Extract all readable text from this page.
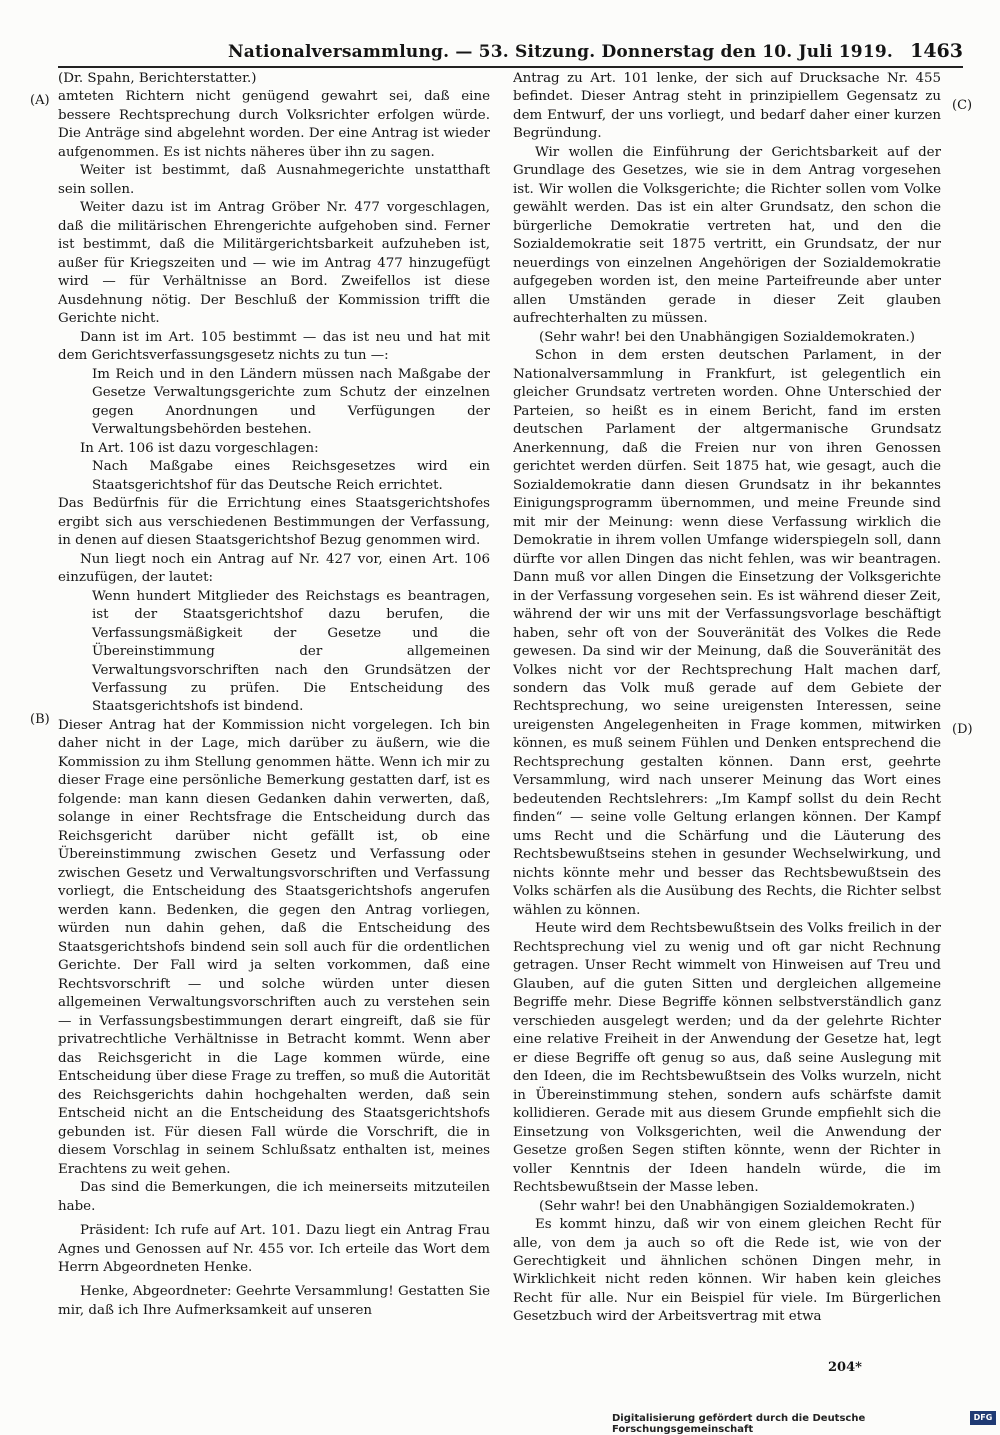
Nationalversammlung. — 53. Sitzung. Donnerstag den 10. Juli 1919. 1463
(A)
(B)
(C)
(D)

(Dr. Spahn, Berichterstatter.)

amteten Richtern nicht genügend gewahrt sei, daß eine bessere Rechtsprechung durch Volksrichter erfolgen würde. Die Anträge sind abgelehnt worden. Der eine Antrag ist wieder aufgenommen. Es ist nichts näheres über ihn zu sagen.

Weiter ist bestimmt, daß Ausnahmegerichte unstatthaft sein sollen.

Weiter dazu ist im Antrag Gröber Nr. 477 vorgeschlagen, daß die militärischen Ehrengerichte aufgehoben sind. Ferner ist bestimmt, daß die Militärgerichtsbarkeit aufzuheben ist, außer für Kriegszeiten und — wie im Antrag 477 hinzugefügt wird — für Verhältnisse an Bord. Zweifellos ist diese Ausdehnung nötig. Der Beschluß der Kommission trifft die Gerichte nicht.

Dann ist im Art. 105 bestimmt — das ist neu und hat mit dem Gerichtsverfassungsgesetz nichts zu tun —:

Im Reich und in den Ländern müssen nach Maßgabe der Gesetze Verwaltungsgerichte zum Schutz der einzelnen gegen Anordnungen und Verfügungen der Verwaltungsbehörden bestehen.

In Art. 106 ist dazu vorgeschlagen:

Nach Maßgabe eines Reichsgesetzes wird ein Staatsgerichtshof für das Deutsche Reich errichtet.

Das Bedürfnis für die Errichtung eines Staatsgerichtshofes ergibt sich aus verschiedenen Bestimmungen der Verfassung, in denen auf diesen Staatsgerichtshof Bezug genommen wird.

Nun liegt noch ein Antrag auf Nr. 427 vor, einen Art. 106 einzufügen, der lautet:

Wenn hundert Mitglieder des Reichstags es beantragen, ist der Staatsgerichtshof dazu berufen, die Verfassungsmäßigkeit der Gesetze und die Übereinstimmung der allgemeinen Verwaltungsvorschriften nach den Grundsätzen der Verfassung zu prüfen. Die Entscheidung des Staatsgerichtshofs ist bindend.

Dieser Antrag hat der Kommission nicht vorgelegen. Ich bin daher nicht in der Lage, mich darüber zu äußern, wie die Kommission zu ihm Stellung genommen hätte. Wenn ich mir zu dieser Frage eine persönliche Bemerkung gestatten darf, ist es folgende: man kann diesen Gedanken dahin verwerten, daß, solange in einer Rechtsfrage die Entscheidung durch das Reichsgericht darüber nicht gefällt ist, ob eine Übereinstimmung zwischen Gesetz und Verfassung oder zwischen Gesetz und Verwaltungsvorschriften und Verfassung vorliegt, die Entscheidung des Staatsgerichtshofs angerufen werden kann. Bedenken, die gegen den Antrag vorliegen, würden nun dahin gehen, daß die Entscheidung des Staatsgerichtshofs bindend sein soll auch für die ordentlichen Gerichte. Der Fall wird ja selten vorkommen, daß eine Rechtsvorschrift — und solche würden unter diesen allgemeinen Verwaltungsvorschriften auch zu verstehen sein — in Verfassungsbestimmungen derart eingreift, daß sie für privatrechtliche Verhältnisse in Betracht kommt. Wenn aber das Reichsgericht in die Lage kommen würde, eine Entscheidung über diese Frage zu treffen, so muß die Autorität des Reichsgerichts dahin hochgehalten werden, daß sein Entscheid nicht an die Entscheidung des Staatsgerichtshofs gebunden ist. Für diesen Fall würde die Vorschrift, die in diesem Vorschlag in seinem Schlußsatz enthalten ist, meines Erachtens zu weit gehen.

Das sind die Bemerkungen, die ich meinerseits mitzuteilen habe.

Präsident: Ich rufe auf Art. 101. Dazu liegt ein Antrag Frau Agnes und Genossen auf Nr. 455 vor. Ich erteile das Wort dem Herrn Abgeordneten Henke.

Henke, Abgeordneter: Geehrte Versammlung! Gestatten Sie mir, daß ich Ihre Aufmerksamkeit auf unseren

Antrag zu Art. 101 lenke, der sich auf Drucksache Nr. 455 befindet. Dieser Antrag steht in prinzipiellem Gegensatz zu dem Entwurf, der uns vorliegt, und bedarf daher einer kurzen Begründung.

Wir wollen die Einführung der Gerichtsbarkeit auf der Grundlage des Gesetzes, wie sie in dem Antrag vorgesehen ist. Wir wollen die Volksgerichte; die Richter sollen vom Volke gewählt werden. Das ist ein alter Grundsatz, den schon die bürgerliche Demokratie vertreten hat, und den die Sozialdemokratie seit 1875 vertritt, ein Grundsatz, der nur neuerdings von einzelnen Angehörigen der Sozialdemokratie aufgegeben worden ist, den meine Parteifreunde aber unter allen Umständen gerade in dieser Zeit glauben aufrechterhalten zu müssen.

(Sehr wahr! bei den Unabhängigen Sozialdemokraten.)

Schon in dem ersten deutschen Parlament, in der Nationalversammlung in Frankfurt, ist gelegentlich ein gleicher Grundsatz vertreten worden. Ohne Unterschied der Parteien, so heißt es in einem Bericht, fand im ersten deutschen Parlament der altgermanische Grundsatz Anerkennung, daß die Freien nur von ihren Genossen gerichtet werden dürfen. Seit 1875 hat, wie gesagt, auch die Sozialdemokratie dann diesen Grundsatz in ihr bekanntes Einigungsprogramm übernommen, und meine Freunde sind mit mir der Meinung: wenn diese Verfassung wirklich die Demokratie in ihrem vollen Umfange widerspiegeln soll, dann dürfte vor allen Dingen das nicht fehlen, was wir beantragen. Dann muß vor allen Dingen die Einsetzung der Volksgerichte in der Verfassung vorgesehen sein. Es ist während dieser Zeit, während der wir uns mit der Verfassungsvorlage beschäftigt haben, sehr oft von der Souveränität des Volkes die Rede gewesen. Da sind wir der Meinung, daß die Souveränität des Volkes nicht vor der Rechtsprechung Halt machen darf, sondern das Volk muß gerade auf dem Gebiete der Rechtsprechung, wo seine ureigensten Interessen, seine ureigensten Angelegenheiten in Frage kommen, mitwirken können, es muß seinem Fühlen und Denken entsprechend die Rechtsprechung gestalten können. Dann erst, geehrte Versammlung, wird nach unserer Meinung das Wort eines bedeutenden Rechtslehrers: „Im Kampf sollst du dein Recht finden“ — seine volle Geltung erlangen können. Der Kampf ums Recht und die Schärfung und die Läuterung des Rechtsbewußtseins stehen in gesunder Wechselwirkung, und nichts könnte mehr und besser das Rechtsbewußtsein des Volks schärfen als die Ausübung des Rechts, die Richter selbst wählen zu können.

Heute wird dem Rechtsbewußtsein des Volks freilich in der Rechtsprechung viel zu wenig und oft gar nicht Rechnung getragen. Unser Recht wimmelt von Hinweisen auf Treu und Glauben, auf die guten Sitten und dergleichen allgemeine Begriffe mehr. Diese Begriffe können selbstverständlich ganz verschieden ausgelegt werden; und da der gelehrte Richter eine relative Freiheit in der Anwendung der Gesetze hat, legt er diese Begriffe oft genug so aus, daß seine Auslegung mit den Ideen, die im Rechtsbewußtsein des Volks wurzeln, nicht in Übereinstimmung stehen, sondern aufs schärfste damit kollidieren. Gerade mit aus diesem Grunde empfiehlt sich die Einsetzung von Volksgerichten, weil die Anwendung der Gesetze großen Segen stiften könnte, wenn der Richter in voller Kenntnis der Ideen handeln würde, die im Rechtsbewußtsein der Masse leben.

(Sehr wahr! bei den Unabhängigen Sozialdemokraten.)

Es kommt hinzu, daß wir von einem gleichen Recht für alle, von dem ja auch so oft die Rede ist, wie von der Gerechtigkeit und ähnlichen schönen Dingen mehr, in Wirklichkeit nicht reden können. Wir haben kein gleiches Recht für alle. Nur ein Beispiel für viele. Im Bürgerlichen Gesetzbuch wird der Arbeitsvertrag mit etwa

204*
Digitalisierung gefördert durch die Deutsche Forschungsgemeinschaft
DFG
